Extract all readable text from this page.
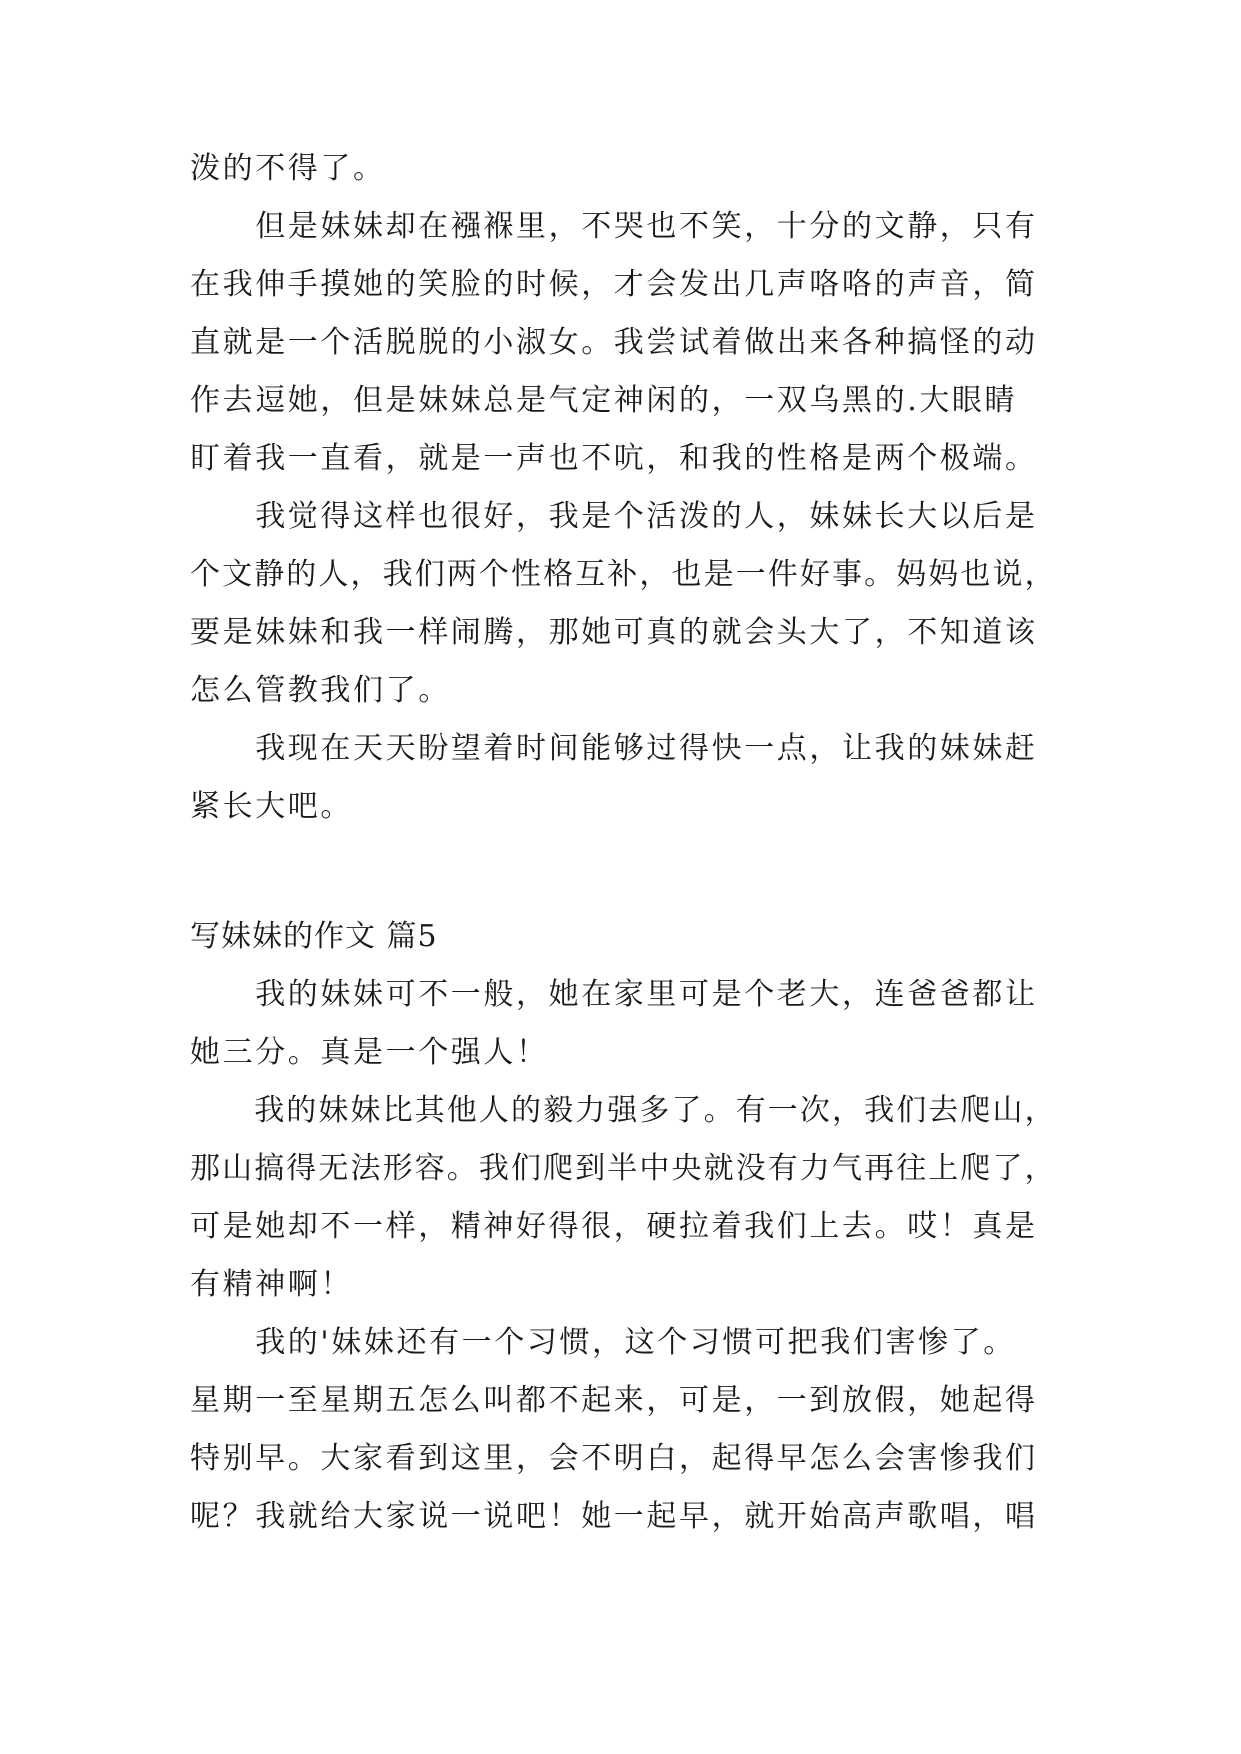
泼的不得了。
　　但是妹妹却在襁褓里，不哭也不笑，十分的文静，只有
在我伸手摸她的笑脸的时候，才会发出几声咯咯的声音，简
直就是一个活脱脱的小淑女。我尝试着做出来各种搞怪的动
作去逗她，但是妹妹总是气定神闲的，一双乌黑的.大眼睛
盯着我一直看，就是一声也不吭，和我的性格是两个极端。
　　我觉得这样也很好，我是个活泼的人，妹妹长大以后是
个文静的人，我们两个性格互补，也是一件好事。妈妈也说，
要是妹妹和我一样闹腾，那她可真的就会头大了，不知道该
怎么管教我们了。
　　我现在天天盼望着时间能够过得快一点，让我的妹妹赶
紧长大吧。
写妹妹的作文 篇5
　　我的妹妹可不一般，她在家里可是个老大，连爸爸都让
她三分。真是一个强人！
　　我的妹妹比其他人的毅力强多了。有一次，我们去爬山，
那山搞得无法形容。我们爬到半中央就没有力气再往上爬了，
可是她却不一样，精神好得很，硬拉着我们上去。哎！真是
有精神啊！
　　我的'妹妹还有一个习惯，这个习惯可把我们害惨了。
星期一至星期五怎么叫都不起来，可是，一到放假，她起得
特别早。大家看到这里，会不明白，起得早怎么会害惨我们
呢？我就给大家说一说吧！她一起早，就开始高声歌唱，唱
